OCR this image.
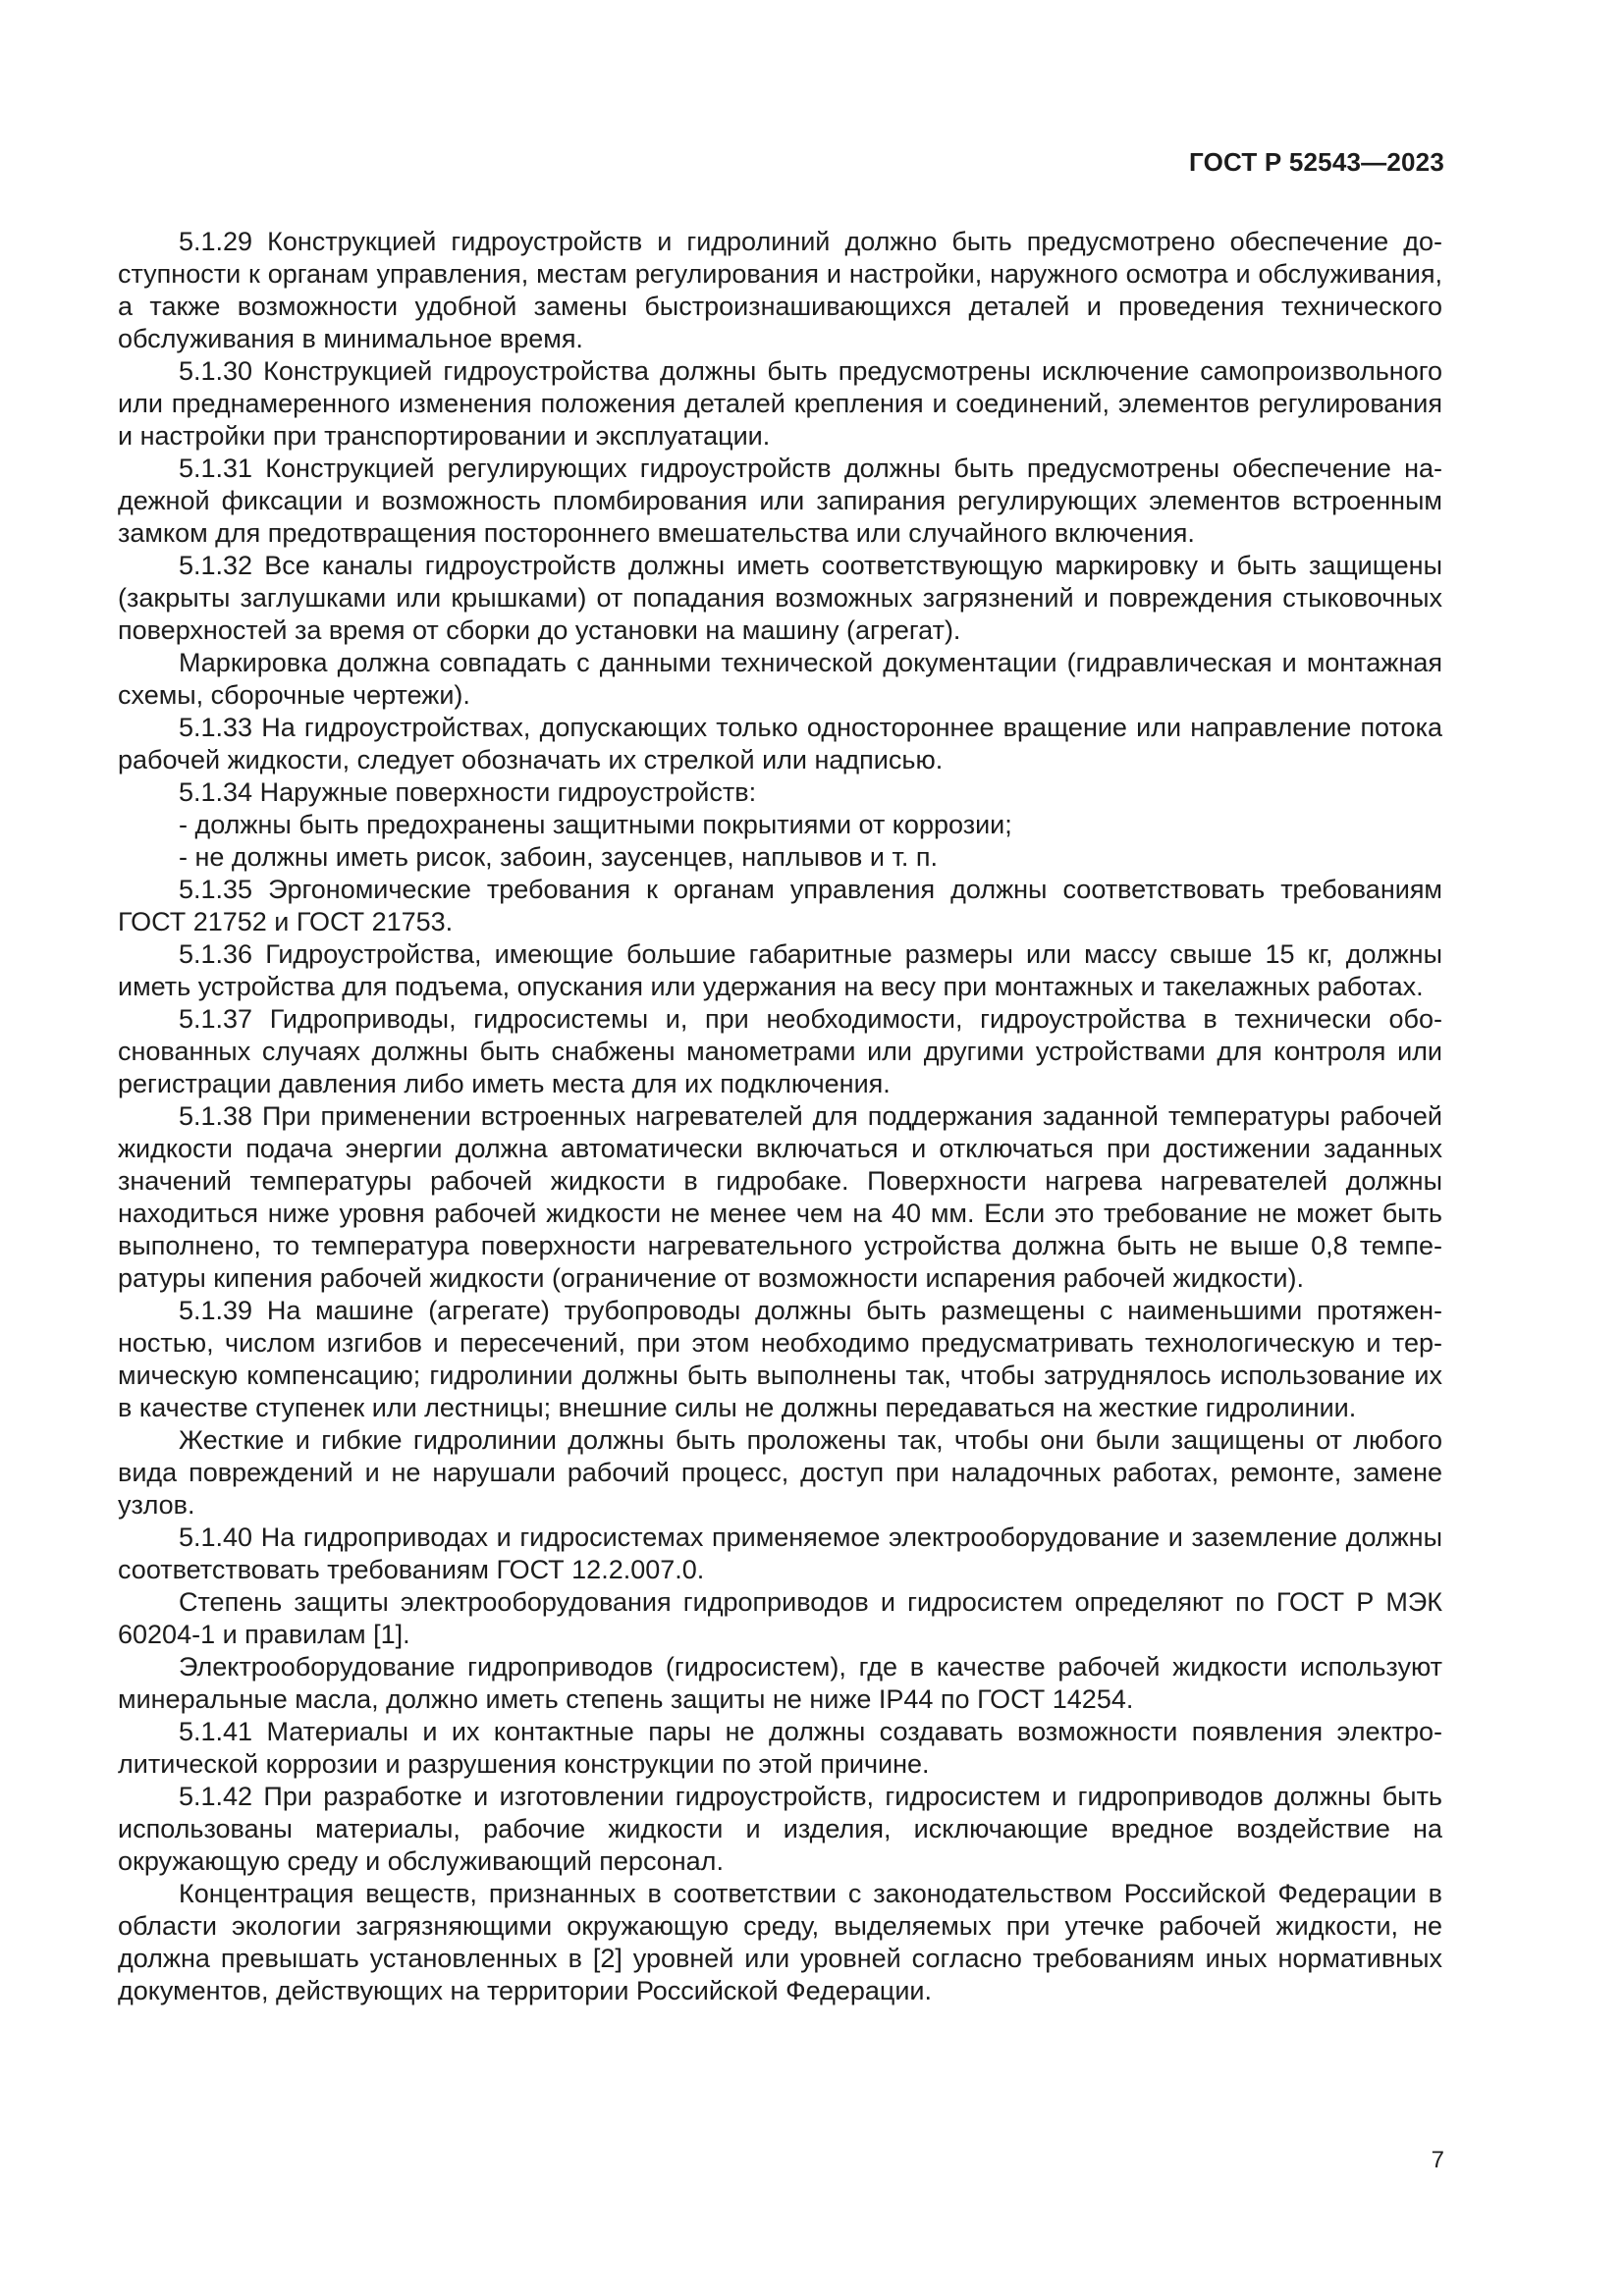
ГОСТ Р 52543—2023

5.1.29 Конструкцией гидроустройств и гидролиний должно быть предусмотрено обеспечение доступности к органам управления, местам регулирования и настройки, наружного осмотра и обслуживания, а также возможности удобной замены быстроизнашивающихся деталей и проведения технического обслуживания в минимальное время.

5.1.30 Конструкцией гидроустройства должны быть предусмотрены исключение самопроизвольного или преднамеренного изменения положения деталей крепления и соединений, элементов регулирования и настройки при транспортировании и эксплуатации.

5.1.31 Конструкцией регулирующих гидроустройств должны быть предусмотрены обеспечение надежной фиксации и возможность пломбирования или запирания регулирующих элементов встроенным замком для предотвращения постороннего вмешательства или случайного включения.

5.1.32 Все каналы гидроустройств должны иметь соответствующую маркировку и быть защищены (закрыты заглушками или крышками) от попадания возможных загрязнений и повреждения стыковочных поверхностей за время от сборки до установки на машину (агрегат).

Маркировка должна совпадать с данными технической документации (гидравлическая и монтажная схемы, сборочные чертежи).

5.1.33 На гидроустройствах, допускающих только одностороннее вращение или направление потока рабочей жидкости, следует обозначать их стрелкой или надписью.

5.1.34 Наружные поверхности гидроустройств:

- должны быть предохранены защитными покрытиями от коррозии;

- не должны иметь рисок, забоин, заусенцев, наплывов и т. п.

5.1.35 Эргономические требования к органам управления должны соответствовать требованиям ГОСТ 21752 и ГОСТ 21753.

5.1.36 Гидроустройства, имеющие большие габаритные размеры или массу свыше 15 кг, должны иметь устройства для подъема, опускания или удержания на весу при монтажных и такелажных работах.

5.1.37 Гидроприводы, гидросистемы и, при необходимости, гидроустройства в технически обоснованных случаях должны быть снабжены манометрами или другими устройствами для контроля или регистрации давления либо иметь места для их подключения.

5.1.38 При применении встроенных нагревателей для поддержания заданной температуры рабочей жидкости подача энергии должна автоматически включаться и отключаться при достижении заданных значений температуры рабочей жидкости в гидробаке. Поверхности нагрева нагревателей должны находиться ниже уровня рабочей жидкости не менее чем на 40 мм. Если это требование не может быть выполнено, то температура поверхности нагревательного устройства должна быть не выше 0,8 температуры кипения рабочей жидкости (ограничение от возможности испарения рабочей жидкости).

5.1.39 На машине (агрегате) трубопроводы должны быть размещены с наименьшими протяженностью, числом изгибов и пересечений, при этом необходимо предусматривать технологическую и термическую компенсацию; гидролинии должны быть выполнены так, чтобы затруднялось использование их в качестве ступенек или лестницы; внешние силы не должны передаваться на жесткие гидролинии.

Жесткие и гибкие гидролинии должны быть проложены так, чтобы они были защищены от любого вида повреждений и не нарушали рабочий процесс, доступ при наладочных работах, ремонте, замене узлов.

5.1.40 На гидроприводах и гидросистемах применяемое электрооборудование и заземление должны соответствовать требованиям ГОСТ 12.2.007.0.

Степень защиты электрооборудования гидроприводов и гидросистем определяют по ГОСТ Р МЭК 60204-1 и правилам [1].

Электрооборудование гидроприводов (гидросистем), где в качестве рабочей жидкости используют минеральные масла, должно иметь степень защиты не ниже IP44 по ГОСТ 14254.

5.1.41 Материалы и их контактные пары не должны создавать возможности появления электролитической коррозии и разрушения конструкции по этой причине.

5.1.42 При разработке и изготовлении гидроустройств, гидросистем и гидроприводов должны быть использованы материалы, рабочие жидкости и изделия, исключающие вредное воздействие на окружающую среду и обслуживающий персонал.

Концентрация веществ, признанных в соответствии с законодательством Российской Федерации в области экологии загрязняющими окружающую среду, выделяемых при утечке рабочей жидкости, не должна превышать установленных в [2] уровней или уровней согласно требованиям иных нормативных документов, действующих на территории Российской Федерации.

7
